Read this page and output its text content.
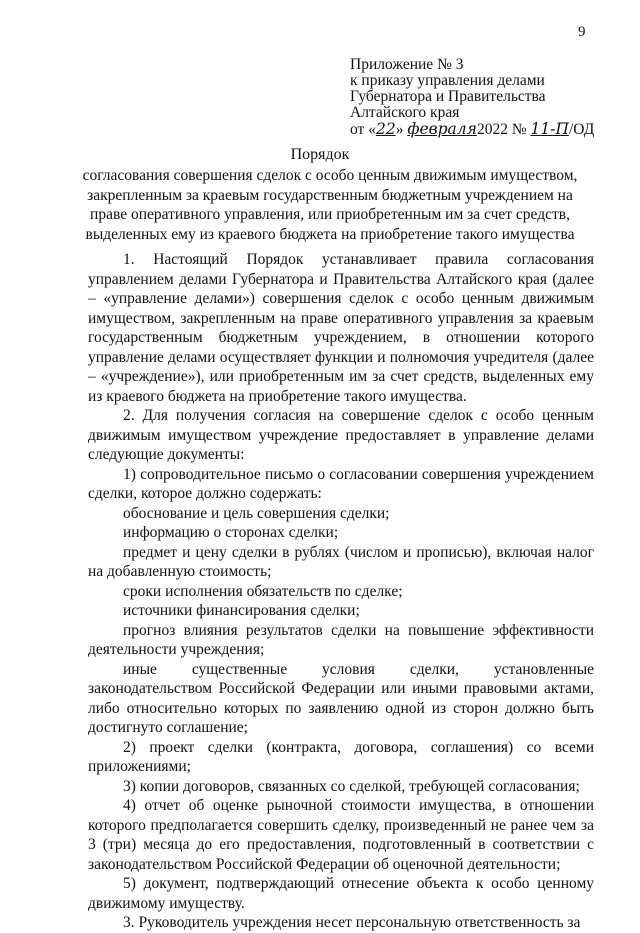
9
Приложение № 3
к приказу управления делами
Губернатора и Правительства
Алтайского края
от «22» февраля2022 № 11-П/ОД
Порядок
согласования совершения сделок с особо ценным движимым имуществом, закрепленным за краевым государственным бюджетным учреждением на праве оперативного управления, или приобретенным им за счет средств, выделенных ему из краевого бюджета на приобретение такого имущества

1. Настоящий Порядок устанавливает правила согласования управлением делами Губернатора и Правительства Алтайского края (далее – «управление делами») совершения сделок с особо ценным движимым имуществом, закрепленным на праве оперативного управления за краевым государственным бюджетным учреждением, в отношении которого управление делами осуществляет функции и полномочия учредителя (далее – «учреждение»), или приобретенным им за счет средств, выделенных ему из краевого бюджета на приобретение такого имущества.

2. Для получения согласия на совершение сделок с особо ценным движимым имуществом учреждение предоставляет в управление делами следующие документы:

1) сопроводительное письмо о согласовании совершения учреждением сделки, которое должно содержать:

обоснование и цель совершения сделки;

информацию о сторонах сделки;

предмет и цену сделки в рублях (числом и прописью), включая налог на добавленную стоимость;

сроки исполнения обязательств по сделке;

источники финансирования сделки;

прогноз влияния результатов сделки на повышение эффективности деятельности учреждения;

иные существенные условия сделки, установленные законодательством Российской Федерации или иными правовыми актами, либо относительно которых по заявлению одной из сторон должно быть достигнуто соглашение;

2) проект сделки (контракта, договора, соглашения) со всеми приложениями;

3) копии договоров, связанных со сделкой, требующей согласования;

4) отчет об оценке рыночной стоимости имущества, в отношении которого предполагается совершить сделку, произведенный не ранее чем за 3 (три) месяца до его предоставления, подготовленный в соответствии с законодательством Российской Федерации об оценочной деятельности;

5) документ, подтверждающий отнесение объекта к особо ценному движимому имуществу.

3. Руководитель учреждения несет персональную ответственность за
